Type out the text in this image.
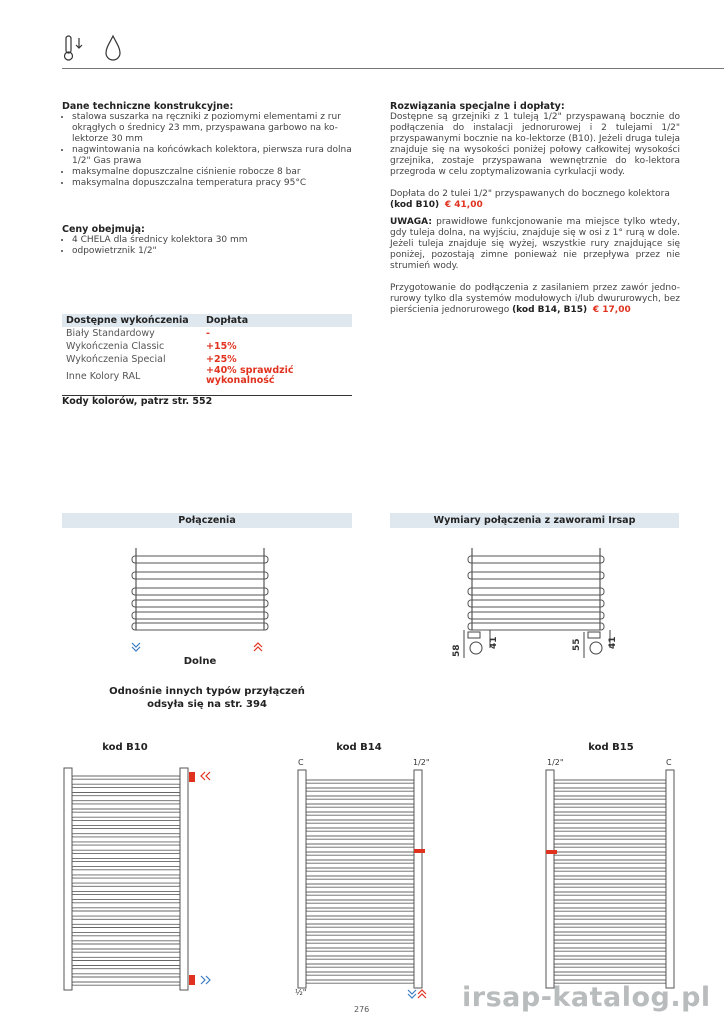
Dane techniczne konstrukcyjne:
• stalowa suszarka na ręczniki z poziomymi elementami z rur okrągłych o średnicy 23 mm, przyspawana garbowo na ko-lektorze 30 mm
• nagwintowania na końcówkach kolektora, pierwsza rura dolna 1/2" Gas prawa
• maksymalne dopuszczalne ciśnienie robocze 8 bar
• maksymalna dopuszczalna temperatura pracy 95°C
Ceny obejmują:
• 4 CHELA dla średnicy kolektora 30 mm
• odpowietrznik 1/2"
Dostępne wykończenia	Dopłata
Biały Standardowy	-
Wykończenia Classic	+15%
Wykończenia Special	+25%
Inne Kolory RAL	+40% sprawdzić wykonalność
Kody kolorów, patrz str. 552
Rozwiązania specjalne i dopłaty:

Dostępne są grzejniki z 1 tuleją 1/2" przyspawaną bocznie do podłączenia do instalacji jednorurowej i 2 tulejami 1/2" przyspawanymi bocznie na ko-lektorze (B10). Jeżeli druga tuleja znajduje się na wysokości poniżej połowy całkowitej wysokości grzejnika, zostaje przyspawana wewnętrznie do ko-lektora przegroda w celu zoptymalizowania cyrkulacji wody.

Dopłata do 2 tulei 1/2" przyspawanych do bocznego kolektora
(kod B10) € 41,00

UWAGA: prawidłowe funkcjonowanie ma miejsce tylko wtedy, gdy tuleja dolna, na wyjściu, znajduje się w osi z 1° rurą w dole. Jeżeli tuleja znajduje się wyżej, wszystkie rury znajdujące się poniżej, pozostają zimne ponieważ nie przepływa przez nie strumień wody.

Przygotowanie do podłączenia z zasilaniem przez zawór jedno-rurowy tylko dla systemów modułowych i/lub dwururowych, bez pierścienia jednorurowego (kod B14, B15) € 17,00

Połączenia	Wymiary połączenia z zaworami Irsap
Dolne
Odnośnie innych typów przyłączeń
odsyła się na str. 394
58
41	55	41
kod B10	kod B14	kod B15
C	1/2"
½"
1/2"	C
276	irsap-katalog.pl
